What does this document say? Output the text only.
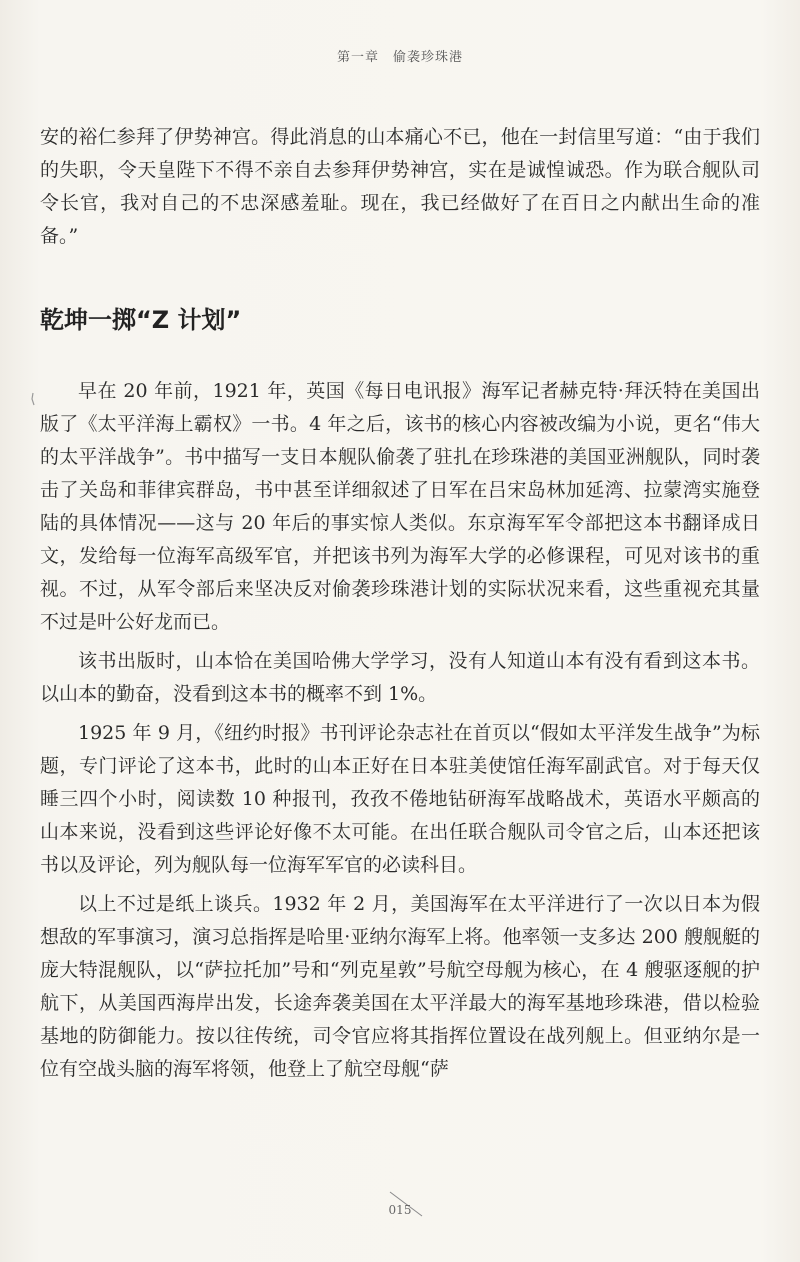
第一章　偷袭珍珠港

安的裕仁参拜了伊势神宫。得此消息的山本痛心不已，他在一封信里写道：“由于我们的失职，令天皇陛下不得不亲自去参拜伊势神宫，实在是诚惶诚恐。作为联合舰队司令长官，我对自己的不忠深感羞耻。现在，我已经做好了在百日之内献出生命的准备。”

乾坤一掷“Z 计划”

早在 20 年前，1921 年，英国《每日电讯报》海军记者赫克特·拜沃特在美国出版了《太平洋海上霸权》一书。4 年之后，该书的核心内容被改编为小说，更名“伟大的太平洋战争”。书中描写一支日本舰队偷袭了驻扎在珍珠港的美国亚洲舰队，同时袭击了关岛和菲律宾群岛，书中甚至详细叙述了日军在吕宋岛林加延湾、拉蒙湾实施登陆的具体情况——这与 20 年后的事实惊人类似。东京海军军令部把这本书翻译成日文，发给每一位海军高级军官，并把该书列为海军大学的必修课程，可见对该书的重视。不过，从军令部后来坚决反对偷袭珍珠港计划的实际状况来看，这些重视充其量不过是叶公好龙而已。

该书出版时，山本恰在美国哈佛大学学习，没有人知道山本有没有看到这本书。以山本的勤奋，没看到这本书的概率不到 1%。

1925 年 9 月，《纽约时报》书刊评论杂志社在首页以“假如太平洋发生战争”为标题，专门评论了这本书，此时的山本正好在日本驻美使馆任海军副武官。对于每天仅睡三四个小时，阅读数 10 种报刊，孜孜不倦地钻研海军战略战术，英语水平颇高的山本来说，没看到这些评论好像不太可能。在出任联合舰队司令官之后，山本还把该书以及评论，列为舰队每一位海军军官的必读科目。

以上不过是纸上谈兵。1932 年 2 月，美国海军在太平洋进行了一次以日本为假想敌的军事演习，演习总指挥是哈里·亚纳尔海军上将。他率领一支多达 200 艘舰艇的庞大特混舰队，以“萨拉托加”号和“列克星敦”号航空母舰为核心，在 4 艘驱逐舰的护航下，从美国西海岸出发，长途奔袭美国在太平洋最大的海军基地珍珠港，借以检验基地的防御能力。按以往传统，司令官应将其指挥位置设在战列舰上。但亚纳尔是一位有空战头脑的海军将领，他登上了航空母舰“萨

015
